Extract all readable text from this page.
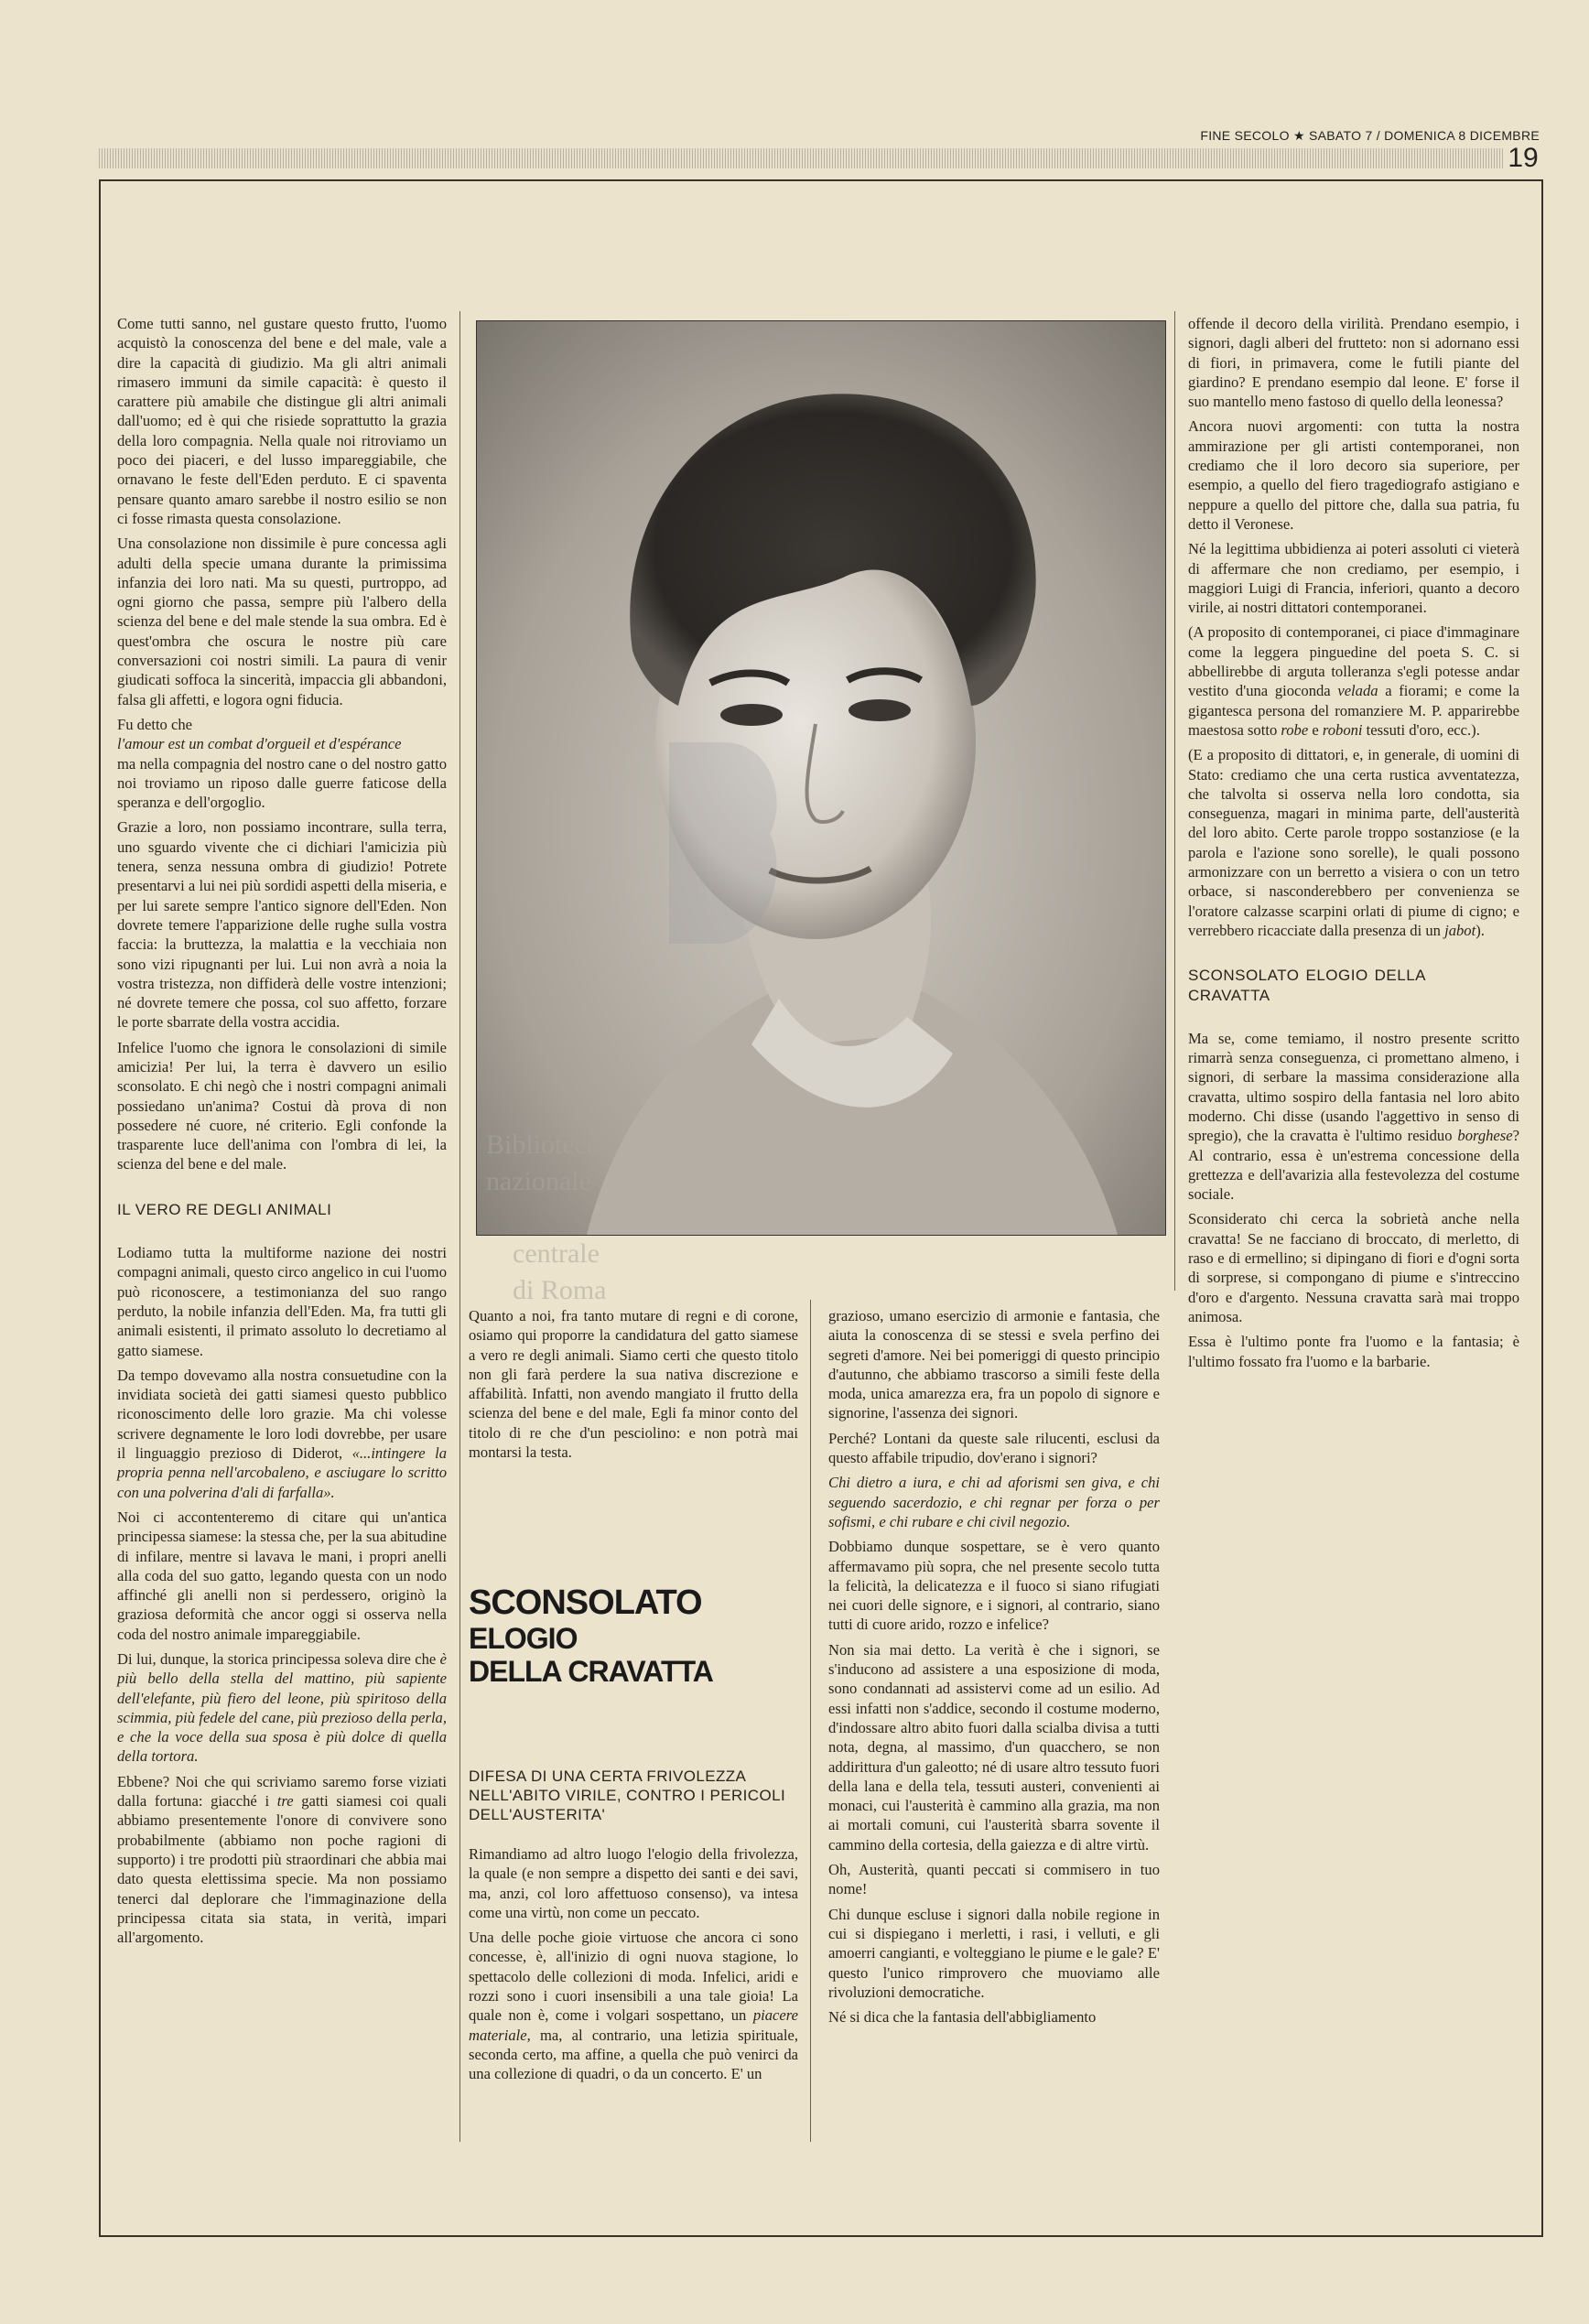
FINE SECOLO ★ SABATO 7 / DOMENICA 8 DICEMBRE
19

Come tutti sanno, nel gustare questo frutto, l'uomo acquistò la conoscenza del bene e del male, vale a dire la capacità di giudizio. Ma gli altri animali rimasero immuni da simile capacità: è questo il carattere più amabile che distingue gli altri animali dall'uomo; ed è qui che risiede soprattutto la grazia della loro compagnia. Nella quale noi ritroviamo un poco dei piaceri, e del lusso impareggiabile, che ornavano le feste dell'Eden perduto. E ci spaventa pensare quanto amaro sarebbe il nostro esilio se non ci fosse rimasta questa consolazione.

Una consolazione non dissimile è pure concessa agli adulti della specie umana durante la primissima infanzia dei loro nati. Ma su questi, purtroppo, ad ogni giorno che passa, sempre più l'albero della scienza del bene e del male stende la sua ombra. Ed è quest'ombra che oscura le nostre più care conversazioni coi nostri simili. La paura di venir giudicati soffoca la sincerità, impaccia gli abbandoni, falsa gli affetti, e logora ogni fiducia.

Fu detto che

l'amour est un combat d'orgueil et d'espérance

ma nella compagnia del nostro cane o del nostro gatto noi troviamo un riposo dalle guerre faticose della speranza e dell'orgoglio.

Grazie a loro, non possiamo incontrare, sulla terra, uno sguardo vivente che ci dichiari l'amicizia più tenera, senza nessuna ombra di giudizio! Potrete presentarvi a lui nei più sordidi aspetti della miseria, e per lui sarete sempre l'antico signore dell'Eden. Non dovrete temere l'apparizione delle rughe sulla vostra faccia: la bruttezza, la malattia e la vecchiaia non sono vizi ripugnanti per lui. Lui non avrà a noia la vostra tristezza, non diffiderà delle vostre intenzioni; né dovrete temere che possa, col suo affetto, forzare le porte sbarrate della vostra accidia.

Infelice l'uomo che ignora le consolazioni di simile amicizia! Per lui, la terra è davvero un esilio sconsolato. E chi negò che i nostri compagni animali possiedano un'anima? Costui dà prova di non possedere né cuore, né criterio. Egli confonde la trasparente luce dell'anima con l'ombra di lei, la scienza del bene e del male.

IL VERO RE DEGLI ANIMALI

Lodiamo tutta la multiforme nazione dei nostri compagni animali, questo circo angelico in cui l'uomo può riconoscere, a testimonianza del suo rango perduto, la nobile infanzia dell'Eden. Ma, fra tutti gli animali esistenti, il primato assoluto lo decretiamo al gatto siamese.

Da tempo dovevamo alla nostra consuetudine con la invidiata società dei gatti siamesi questo pubblico riconoscimento delle loro grazie. Ma chi volesse scrivere degnamente le loro lodi dovrebbe, per usare il linguaggio prezioso di Diderot, «...intingere la propria penna nell'arcobaleno, e asciugare lo scritto con una polverina d'ali di farfalla».

Noi ci accontenteremo di citare qui un'antica principessa siamese: la stessa che, per la sua abitudine di infilare, mentre si lavava le mani, i propri anelli alla coda del suo gatto, legando questa con un nodo affinché gli anelli non si perdessero, originò la graziosa deformità che ancor oggi si osserva nella coda del nostro animale impareggiabile.

Di lui, dunque, la storica principessa soleva dire che è più bello della stella del mattino, più sapiente dell'elefante, più fiero del leone, più spiritoso della scimmia, più fedele del cane, più prezioso della perla, e che la voce della sua sposa è più dolce di quella della tortora.

Ebbene? Noi che qui scriviamo saremo forse viziati dalla fortuna: giacché i tre gatti siamesi coi quali abbiamo presentemente l'onore di convivere sono probabilmente (abbiamo non poche ragioni di supporto) i tre prodotti più straordinari che abbia mai dato questa elettissima specie. Ma non possiamo tenerci dal deplorare che l'immaginazione della principessa citata sia stata, in verità, impari all'argomento.

Biblioteca
nazionale
centrale
di Roma

Quanto a noi, fra tanto mutare di regni e di corone, osiamo qui proporre la candidatura del gatto siamese a vero re degli animali. Siamo certi che questo titolo non gli farà perdere la sua nativa discrezione e affabilità. Infatti, non avendo mangiato il frutto della scienza del bene e del male, Egli fa minor conto del titolo di re che d'un pesciolino: e non potrà mai montarsi la testa.

SCONSOLATO
ELOGIO
DELLA CRAVATTA
DIFESA DI UNA CERTA FRIVOLEZZA NELL'ABITO VIRILE, CONTRO I PERICOLI DELL'AUSTERITA'

Rimandiamo ad altro luogo l'elogio della frivolezza, la quale (e non sempre a dispetto dei santi e dei savi, ma, anzi, col loro affettuoso consenso), va intesa come una virtù, non come un peccato.

Una delle poche gioie virtuose che ancora ci sono concesse, è, all'inizio di ogni nuova stagione, lo spettacolo delle collezioni di moda. Infelici, aridi e rozzi sono i cuori insensibili a una tale gioia! La quale non è, come i volgari sospettano, un piacere materiale, ma, al contrario, una letizia spirituale, seconda certo, ma affine, a quella che può venirci da una collezione di quadri, o da un concerto. E' un

grazioso, umano esercizio di armonie e fantasia, che aiuta la conoscenza di se stessi e svela perfino dei segreti d'amore. Nei bei pomeriggi di questo principio d'autunno, che abbiamo trascorso a simili feste della moda, unica amarezza era, fra un popolo di signore e signorine, l'assenza dei signori.

Perché? Lontani da queste sale rilucenti, esclusi da questo affabile tripudio, dov'erano i signori?

Chi dietro a iura, e chi ad aforismi sen giva, e chi seguendo sacerdozio, e chi regnar per forza o per sofismi, e chi rubare e chi civil negozio.

Dobbiamo dunque sospettare, se è vero quanto affermavamo più sopra, che nel presente secolo tutta la felicità, la delicatezza e il fuoco si siano rifugiati nei cuori delle signore, e i signori, al contrario, siano tutti di cuore arido, rozzo e infelice?

Non sia mai detto. La verità è che i signori, se s'inducono ad assistere a una esposizione di moda, sono condannati ad assistervi come ad un esilio. Ad essi infatti non s'addice, secondo il costume moderno, d'indossare altro abito fuori dalla scialba divisa a tutti nota, degna, al massimo, d'un quacchero, se non addirittura d'un galeotto; né di usare altro tessuto fuori della lana e della tela, tessuti austeri, convenienti ai monaci, cui l'austerità è cammino alla grazia, ma non ai mortali comuni, cui l'austerità sbarra sovente il cammino della cortesia, della gaiezza e di altre virtù.

Oh, Austerità, quanti peccati si commisero in tuo nome!

Chi dunque escluse i signori dalla nobile regione in cui si dispiegano i merletti, i rasi, i velluti, e gli amoerri cangianti, e volteggiano le piume e le gale? E' questo l'unico rimprovero che muoviamo alle rivoluzioni democratiche.

Né si dica che la fantasia dell'abbigliamento

offende il decoro della virilità. Prendano esempio, i signori, dagli alberi del frutteto: non si adornano essi di fiori, in primavera, come le futili piante del giardino? E prendano esempio dal leone. E' forse il suo mantello meno fastoso di quello della leonessa?

Ancora nuovi argomenti: con tutta la nostra ammirazione per gli artisti contemporanei, non crediamo che il loro decoro sia superiore, per esempio, a quello del fiero tragediografo astigiano e neppure a quello del pittore che, dalla sua patria, fu detto il Veronese.

Né la legittima ubbidienza ai poteri assoluti ci vieterà di affermare che non crediamo, per esempio, i maggiori Luigi di Francia, inferiori, quanto a decoro virile, ai nostri dittatori contemporanei.

(A proposito di contemporanei, ci piace d'immaginare come la leggera pinguedine del poeta S. C. si abbellirebbe di arguta tolleranza s'egli potesse andar vestito d'una gioconda velada a fiorami; e come la gigantesca persona del romanziere M. P. apparirebbe maestosa sotto robe e roboni tessuti d'oro, ecc.).

(E a proposito di dittatori, e, in generale, di uomini di Stato: crediamo che una certa rustica avventatezza, che talvolta si osserva nella loro condotta, sia conseguenza, magari in minima parte, dell'austerità del loro abito. Certe parole troppo sostanziose (e la parola e l'azione sono sorelle), le quali possono armonizzare con un berretto a visiera o con un tetro orbace, si nasconderebbero per convenienza se l'oratore calzasse scarpini orlati di piume di cigno; e verrebbero ricacciate dalla presenza di un jabot).

SCONSOLATO ELOGIO DELLA CRAVATTA

Ma se, come temiamo, il nostro presente scritto rimarrà senza conseguenza, ci promettano almeno, i signori, di serbare la massima considerazione alla cravatta, ultimo sospiro della fantasia nel loro abito moderno. Chi disse (usando l'aggettivo in senso di spregio), che la cravatta è l'ultimo residuo borghese? Al contrario, essa è un'estrema concessione della grettezza e dell'avarizia alla festevolezza del costume sociale.

Sconsiderato chi cerca la sobrietà anche nella cravatta! Se ne facciano di broccato, di merletto, di raso e di ermellino; si dipingano di fiori e d'ogni sorta di sorprese, si compongano di piume e s'intreccino d'oro e d'argento. Nessuna cravatta sarà mai troppo animosa.

Essa è l'ultimo ponte fra l'uomo e la fantasia; è l'ultimo fossato fra l'uomo e la barbarie.
